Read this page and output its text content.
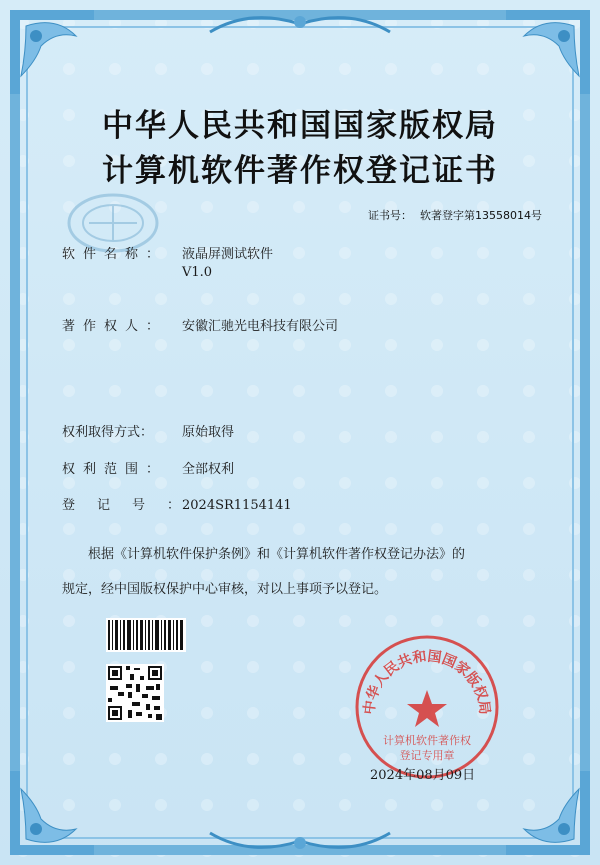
中华人民共和国国家版权局
计算机软件著作权登记证书
证书号： 软著登字第13558014号
软件名称： 液晶屏测试软件
V1.0
著作权人： 安徽汇驰光电科技有限公司
权利取得方式：	原始取得
权利范围： 全部权利
登记号：
2024SR1154141
根据《计算机软件保护条例》和《计算机软件著作权登记办法》的
规定，经中国版权保护中心审核，对以上事项予以登记。
中华人民共和国国家版权局
计算机软件著作权
登记专用章
2024年08月09日
